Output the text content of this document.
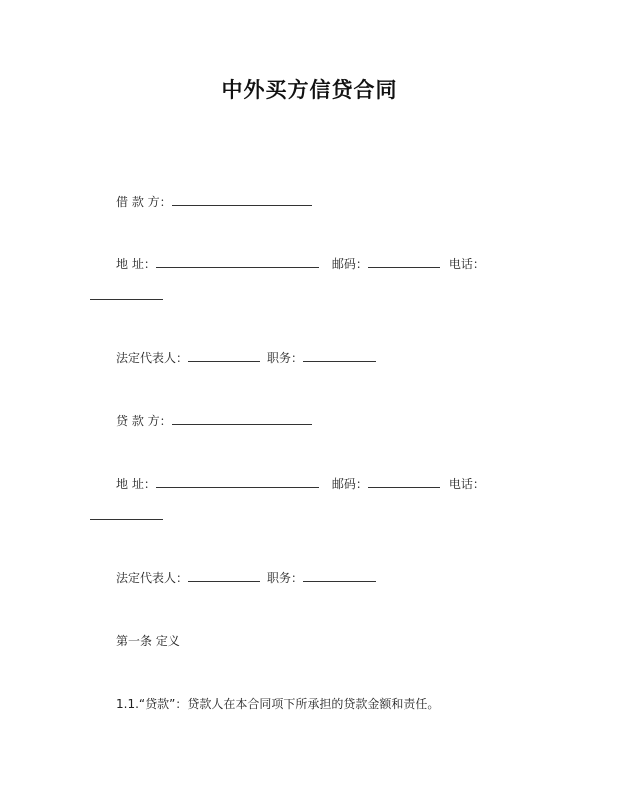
中外买方信贷合同
借 款 方：
地 址：	邮码：	电话：
法定代表人：	职务：
贷 款 方：
地 址：	邮码：	电话：
法定代表人：	职务：
第一条 定义
1.1.“贷款”：贷款人在本合同项下所承担的贷款金额和责任。
